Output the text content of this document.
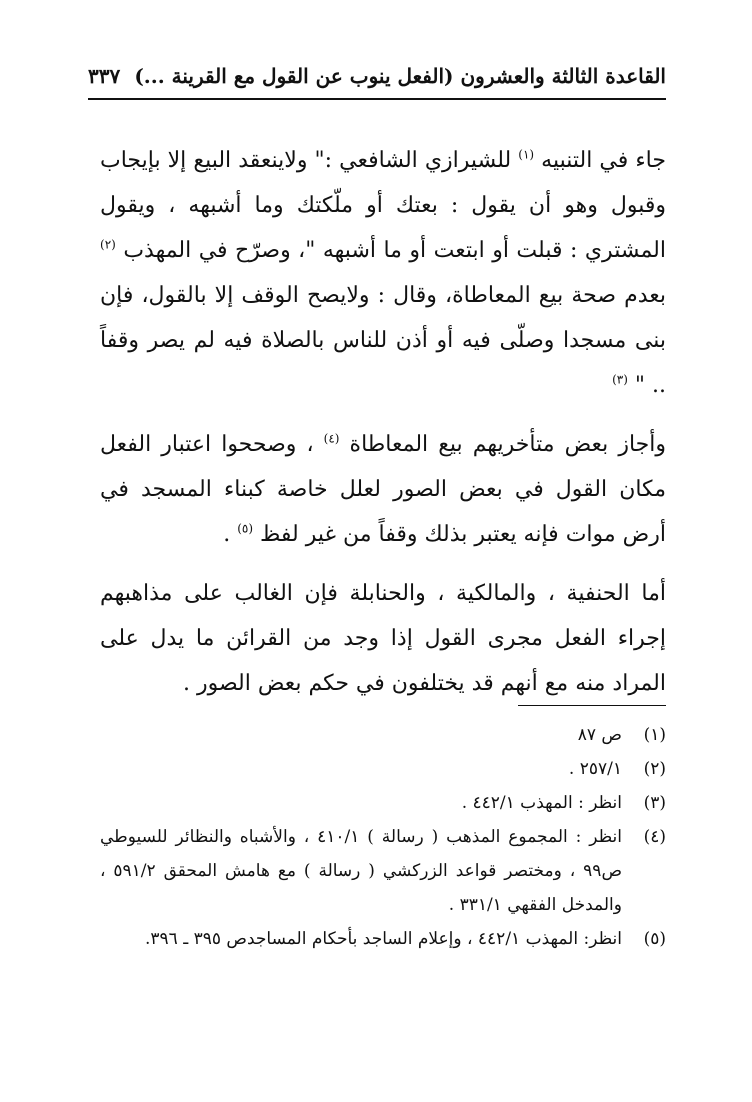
القاعدة الثالثة والعشرون (الفعل ينوب عن القول مع القرينة ...)
٣٣٧

جاء في التنبيه $^{(١)}$ للشيرازي الشافعي :" ولاينعقد البيع إلا بإيجاب وقبول وهو أن يقول : بعتك أو ملّكتك وما أشبهه ، ويقول المشتري : قبلت أو ابتعت أو ما أشبهه "، وصرّح في المهذب $^{(٢)}$ بعدم صحة بيع المعاطاة، وقال : ولايصح الوقف إلا بالقول، فإن بنى مسجدا وصلّى فيه أو أذن للناس بالصلاة فيه لم يصر وقفاً .. " $^{(٣)}$

وأجاز بعض متأخريهم بيع المعاطاة $^{(٤)}$ ، وصححوا اعتبار الفعل مكان القول في بعض الصور لعلل خاصة كبناء المسجد في أرض موات فإنه يعتبر بذلك وقفاً من غير لفظ $^{(٥)}$ .

أما الحنفية ، والمالكية ، والحنابلة فإن الغالب على مذاهبهم إجراء الفعل مجرى القول إذا وجد من القرائن ما يدل على المراد منه مع أنهم قد يختلفون في حكم بعض الصور .

(١)
ص ٨٧
(٢)
٢٥٧/١ .
(٣)
انظر : المهذب ٤٤٢/١ .
(٤)
انظر : المجموع المذهب ( رسالة ) ٤١٠/١ ، والأشباه والنظائر للسيوطي ص٩٩ ، ومختصر قواعد الزركشي ( رسالة ) مع هامش المحقق ٥٩١/٢ ، والمدخل الفقهي ٣٣١/١ .
(٥)
انظر: المهذب ٤٤٢/١ ، وإعلام الساجد بأحكام المساجدص ٣٩٥ ـ ٣٩٦.
